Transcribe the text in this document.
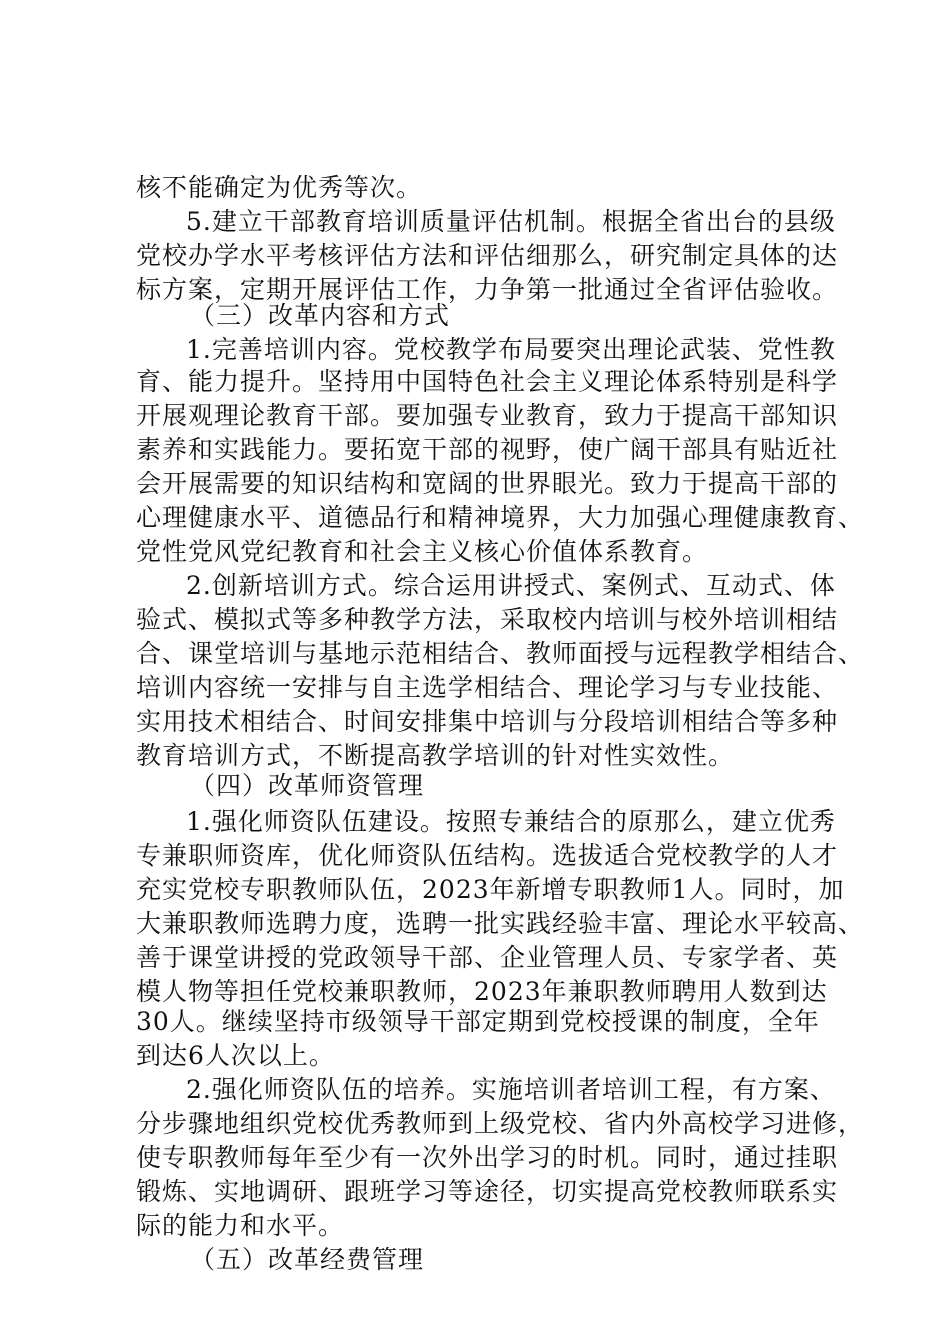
核不能确定为优秀等次。
5.建立干部教育培训质量评估机制。根据全省出台的县级
党校办学水平考核评估方法和评估细那么，研究制定具体的达
标方案，定期开展评估工作，力争第一批通过全省评估验收。
（三）改革内容和方式
1.完善培训内容。党校教学布局要突出理论武装、党性教
育、能力提升。坚持用中国特色社会主义理论体系特别是科学
开展观理论教育干部。要加强专业教育，致力于提高干部知识
素养和实践能力。要拓宽干部的视野，使广阔干部具有贴近社
会开展需要的知识结构和宽阔的世界眼光。致力于提高干部的
心理健康水平、道德品行和精神境界，大力加强心理健康教育、
党性党风党纪教育和社会主义核心价值体系教育。
2.创新培训方式。综合运用讲授式、案例式、互动式、体
验式、模拟式等多种教学方法，采取校内培训与校外培训相结
合、课堂培训与基地示范相结合、教师面授与远程教学相结合、
培训内容统一安排与自主选学相结合、理论学习与专业技能、
实用技术相结合、时间安排集中培训与分段培训相结合等多种
教育培训方式，不断提高教学培训的针对性实效性。
（四）改革师资管理
1.强化师资队伍建设。按照专兼结合的原那么，建立优秀
专兼职师资库，优化师资队伍结构。选拔适合党校教学的人才
充实党校专职教师队伍，2023年新增专职教师1人。同时，加
大兼职教师选聘力度，选聘一批实践经验丰富、理论水平较高、
善于课堂讲授的党政领导干部、企业管理人员、专家学者、英
模人物等担任党校兼职教师，2023年兼职教师聘用人数到达
30人。继续坚持市级领导干部定期到党校授课的制度，全年
到达6人次以上。
2.强化师资队伍的培养。实施培训者培训工程，有方案、
分步骤地组织党校优秀教师到上级党校、省内外高校学习进修，
使专职教师每年至少有一次外出学习的时机。同时，通过挂职
锻炼、实地调研、跟班学习等途径，切实提高党校教师联系实
际的能力和水平。
（五）改革经费管理
